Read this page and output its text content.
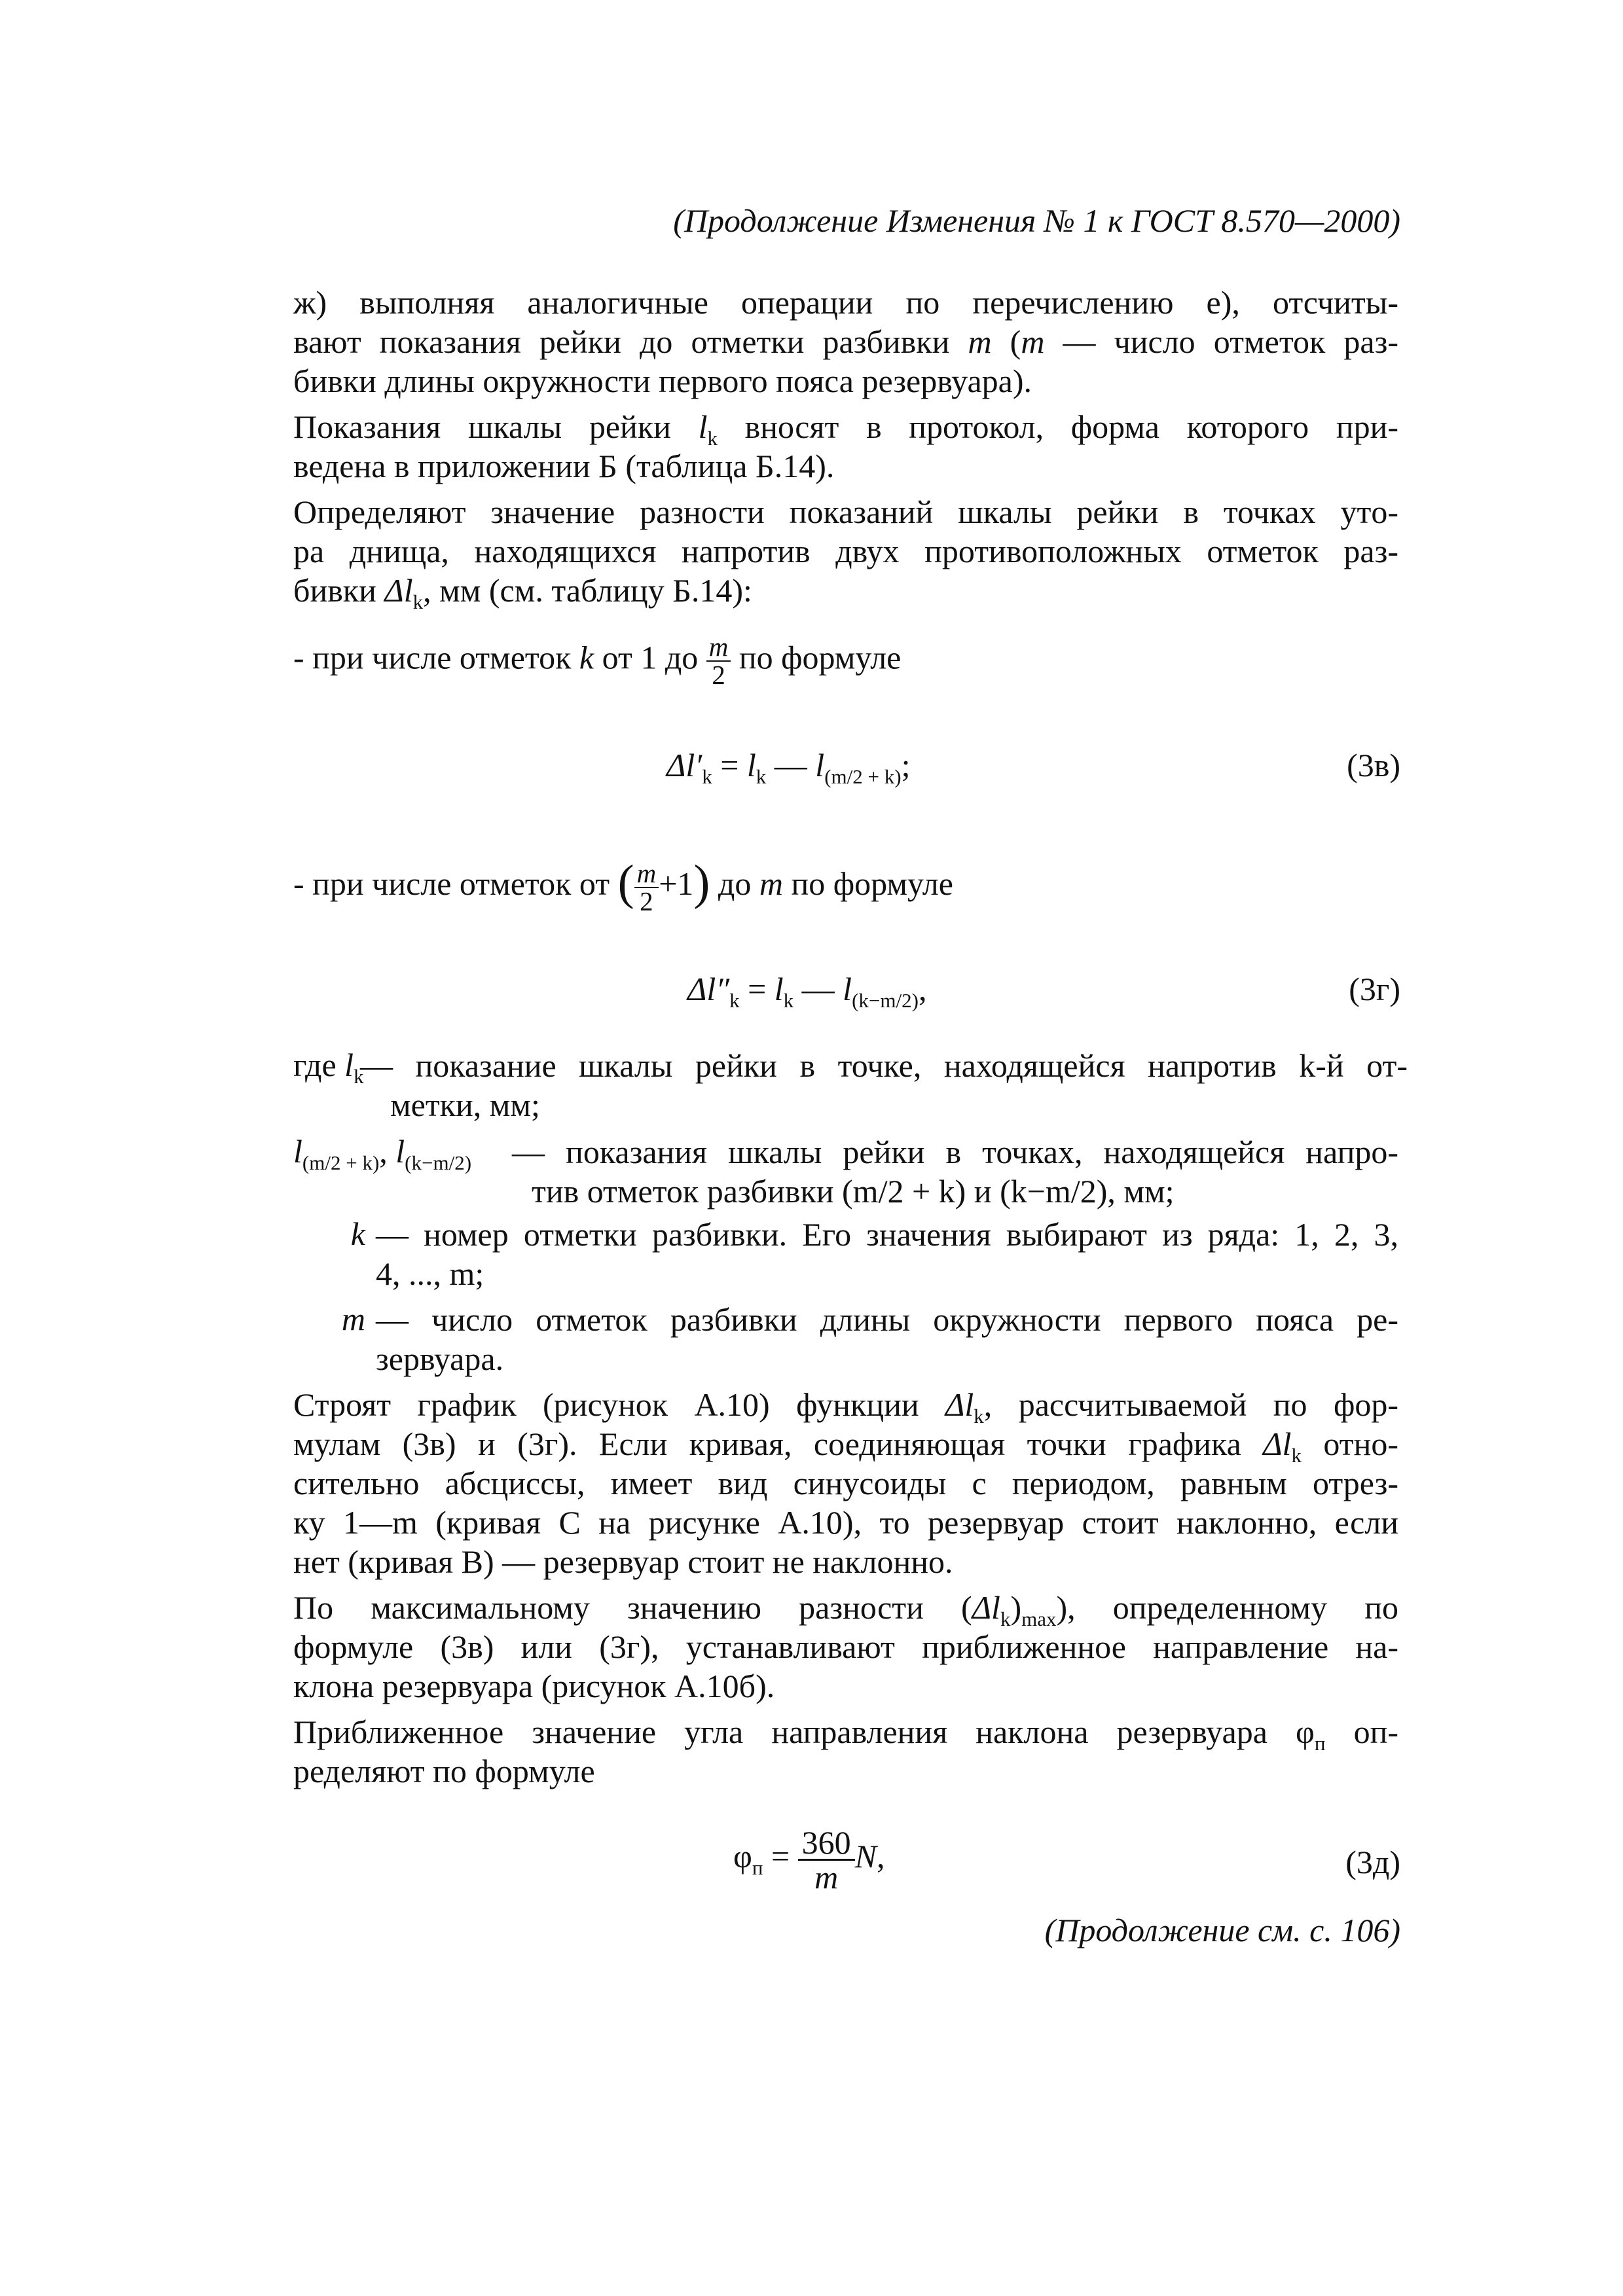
(Продолжение Изменения № 1 к ГОСТ 8.570—2000)
ж) выполняя аналогичные операции по перечислению е), отсчиты-
вают показания рейки до отметки разбивки m (m — число отметок раз-
бивки длины окружности первого пояса резервуара).
Показания шкалы рейки $l_k$ вносят в протокол, форма которого при-
ведена в приложении Б (таблица Б.14).
Определяют значение разности показаний шкалы рейки в точках утo-
ра днища, находящихся напротив двух противоположных отметок раз-
бивки $\Delta l_k$, мм (см. таблицу Б.14):
- при числе отметок k от 1 до $\frac{m}{2}$ по формуле
$\Delta l'_k = l_k$ — $l_{(m/2 + k)}$;	(3в)
- при числе отметок от ( $\frac{m}{2} +1$) до m по формуле
$\Delta l''_k = l_k$ — $l_{(k-m/2)}$,	(3г)
где $l_k$
— показание шкалы рейки в точке, находящейся напротив k-й от-
метки, мм;
$l_{(m/2 + k)}$, $l_{(k-m/2)}$ — показания шкалы рейки в точках, находящейся напро-
тив отметок разбивки (m/2 + k) и (k−m/2), мм;
k — номер отметки разбивки. Его значения выбирают из ряда: 1, 2, 3,
4, ..., m;
m — число отметок разбивки длины окружности первого пояса ре-
зервуара.
Строят график (рисунок А.10) функции $\Delta l_k$, рассчитываемой по фор-
мулам (3в) и (3г). Если кривая, соединяющая точки графика $\Delta l_k$ отно-
сительно абсциссы, имеет вид синусоиды с периодом, равным отрез-
ку 1—m (кривая С на рисунке А.10), то резервуар стоит наклонно, если
нет (кривая В) — резервуар стоит не наклонно.
По максимальному значению разности $(\Delta l_k)_{max}$), определенному по
формуле (3в) или (3г), устанавливают приближенное направление на-
клона резервуара (рисунок А.10б).
Приближенное значение угла направления наклона резервуара $\varphi_п$ оп-
ределяют по формуле
$\varphi_п = \frac{360}{m} N$,	(3д)
(Продолжение см. с. 106)
